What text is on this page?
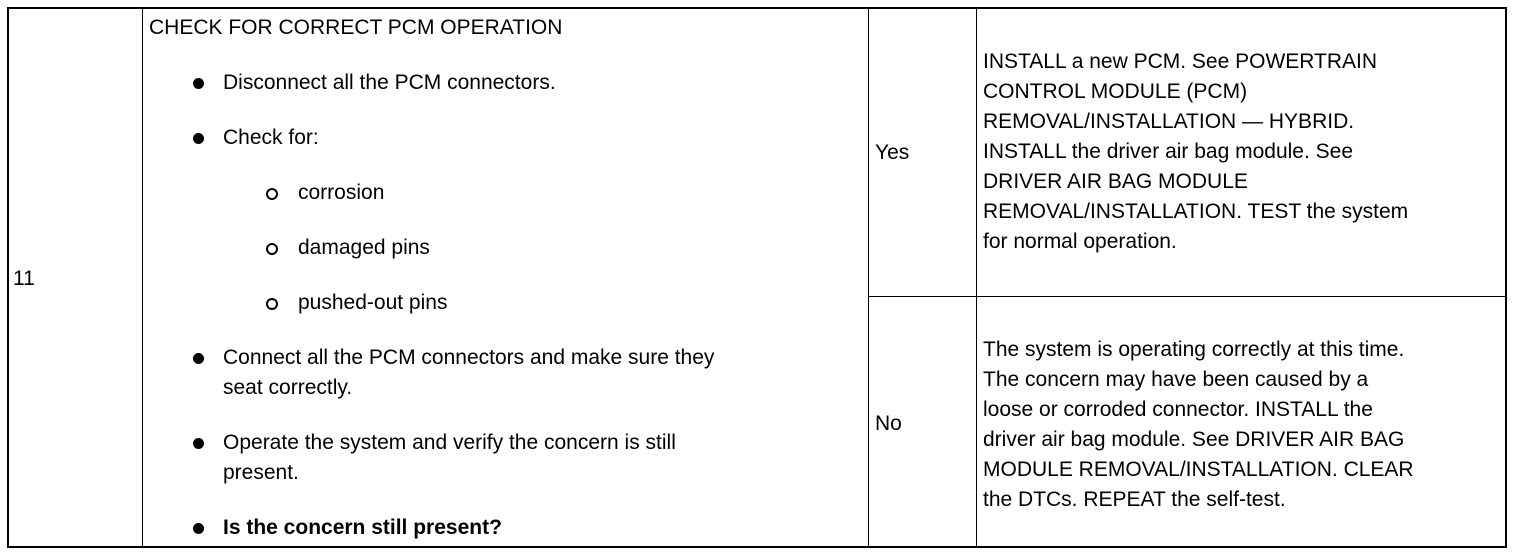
11
CHECK FOR CORRECT PCM OPERATION
Disconnect all the PCM connectors.
Check for:
corrosion
damaged pins
pushed-out pins
Connect all the PCM connectors and make sure they
seat correctly.
Operate the system and verify the concern is still
present.
Is the concern still present?
Yes
INSTALL a new PCM. See POWERTRAIN
CONTROL MODULE (PCM)
REMOVAL/INSTALLATION — HYBRID.
INSTALL the driver air bag module. See
DRIVER AIR BAG MODULE
REMOVAL/INSTALLATION. TEST the system
for normal operation.
No
The system is operating correctly at this time.
The concern may have been caused by a
loose or corroded connector. INSTALL the
driver air bag module. See DRIVER AIR BAG
MODULE REMOVAL/INSTALLATION. CLEAR
the DTCs. REPEAT the self-test.
